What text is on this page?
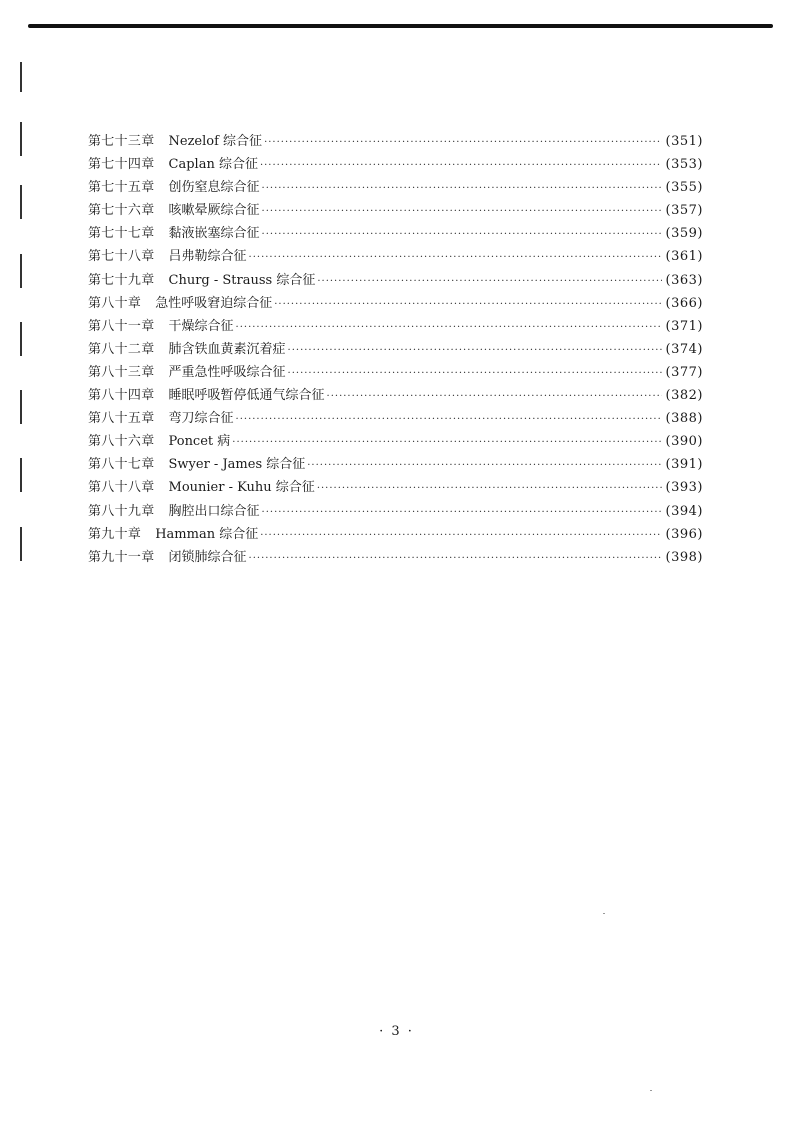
第七十三章 Nezelof 综合征 ·····	(351)
第七十四章 Caplan 综合征 ·····	(353)
第七十五章 创伤窒息综合征 ·····	(355)
第七十六章 咳嗽晕厥综合征 ·····	(357)
第七十七章 黏液嵌塞综合征 ·····	(359)
第七十八章 吕弗勒综合征 ·····	(361)
第七十九章 Churg - Strauss 综合征 ·····	(363)
第八十章 急性呼吸窘迫综合征 ·····	(366)
第八十一章 干燥综合征 ·····	(371)
第八十二章 肺含铁血黄素沉着症 ·····	(374)
第八十三章 严重急性呼吸综合征 ·····	(377)
第八十四章 睡眠呼吸暂停低通气综合征 ·····	(382)
第八十五章 弯刀综合征 ·····	(388)
第八十六章 Poncet 病 ·····	(390)
第八十七章 Swyer - James 综合征 ·····	(391)
第八十八章 Mounier - Kuhu 综合征 ·····	(393)
第八十九章 胸腔出口综合征 ·····	(394)
第九十章 Hamman 综合征 ·····	(396)
第九十一章 闭锁肺综合征 ·····	(398)
· 3 ·
